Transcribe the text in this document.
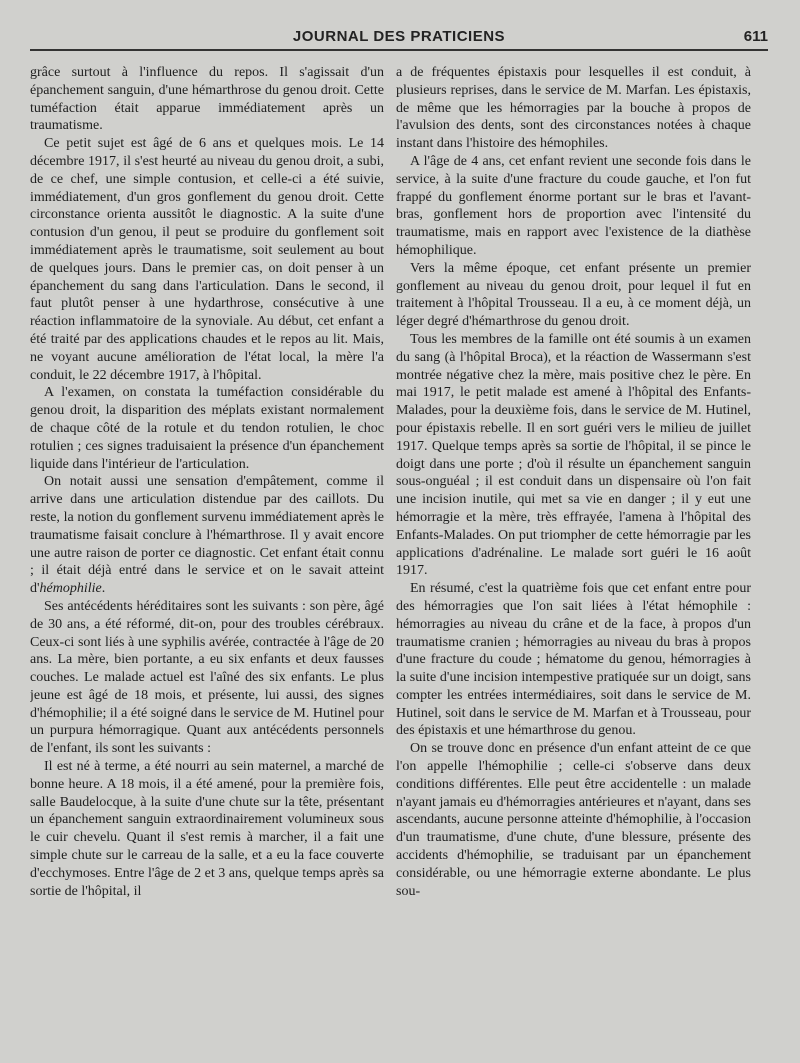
JOURNAL DES PRATICIENS	611

grâce surtout à l'influence du repos. Il s'agissait d'un épanchement sanguin, d'une hémarthrose du genou droit. Cette tuméfaction était apparue immédiatement après un traumatisme.

Ce petit sujet est âgé de 6 ans et quelques mois. Le 14 décembre 1917, il s'est heurté au niveau du genou droit, a subi, de ce chef, une simple contusion, et celle-ci a été suivie, immédiatement, d'un gros gonflement du genou droit. Cette circonstance orienta aussitôt le diagnostic. A la suite d'une contusion d'un genou, il peut se produire du gonflement soit immédiatement après le traumatisme, soit seulement au bout de quelques jours. Dans le premier cas, on doit penser à un épanchement du sang dans l'articulation. Dans le second, il faut plutôt penser à une hydarthrose, consécutive à une réaction inflammatoire de la synoviale. Au début, cet enfant a été traité par des applications chaudes et le repos au lit. Mais, ne voyant aucune amélioration de l'état local, la mère l'a conduit, le 22 décembre 1917, à l'hôpital.

A l'examen, on constata la tuméfaction considérable du genou droit, la disparition des méplats existant normalement de chaque côté de la rotule et du tendon rotulien, le choc rotulien ; ces signes traduisaient la présence d'un épanchement liquide dans l'intérieur de l'articulation.

On notait aussi une sensation d'empâtement, comme il arrive dans une articulation distendue par des caillots. Du reste, la notion du gonflement survenu immédiatement après le traumatisme faisait conclure à l'hémarthrose. Il y avait encore une autre raison de porter ce diagnostic. Cet enfant était connu ; il était déjà entré dans le service et on le savait atteint d'hémophilie.

Ses antécédents héréditaires sont les suivants : son père, âgé de 30 ans, a été réformé, dit-on, pour des troubles cérébraux. Ceux-ci sont liés à une syphilis avérée, contractée à l'âge de 20 ans. La mère, bien portante, a eu six enfants et deux fausses couches. Le malade actuel est l'aîné des six enfants. Le plus jeune est âgé de 18 mois, et présente, lui aussi, des signes d'hémophilie; il a été soigné dans le service de M. Hutinel pour un purpura hémorragique. Quant aux antécédents personnels de l'enfant, ils sont les suivants :

Il est né à terme, a été nourri au sein maternel, a marché de bonne heure. A 18 mois, il a été amené, pour la première fois, salle Baudelocque, à la suite d'une chute sur la tête, présentant un épanchement sanguin extraordinairement volumineux sous le cuir chevelu. Quant il s'est remis à marcher, il a fait une simple chute sur le carreau de la salle, et a eu la face couverte d'ecchymoses. Entre l'âge de 2 et 3 ans, quelque temps après sa sortie de l'hôpital, il

a de fréquentes épistaxis pour lesquelles il est conduit, à plusieurs reprises, dans le service de M. Marfan. Les épistaxis, de même que les hémorragies par la bouche à propos de l'avulsion des dents, sont des circonstances notées à chaque instant dans l'histoire des hémophiles.

A l'âge de 4 ans, cet enfant revient une seconde fois dans le service, à la suite d'une fracture du coude gauche, et l'on fut frappé du gonflement énorme portant sur le bras et l'avant-bras, gonflement hors de proportion avec l'intensité du traumatisme, mais en rapport avec l'existence de la diathèse hémophilique.

Vers la même époque, cet enfant présente un premier gonflement au niveau du genou droit, pour lequel il fut en traitement à l'hôpital Trousseau. Il a eu, à ce moment déjà, un léger degré d'hémarthrose du genou droit.

Tous les membres de la famille ont été soumis à un examen du sang (à l'hôpital Broca), et la réaction de Wassermann s'est montrée négative chez la mère, mais positive chez le père. En mai 1917, le petit malade est amené à l'hôpital des Enfants-Malades, pour la deuxième fois, dans le service de M. Hutinel, pour épistaxis rebelle. Il en sort guéri vers le milieu de juillet 1917. Quelque temps après sa sortie de l'hôpital, il se pince le doigt dans une porte ; d'où il résulte un épanchement sanguin sous-onguéal ; il est conduit dans un dispensaire où l'on fait une incision inutile, qui met sa vie en danger ; il y eut une hémorragie et la mère, très effrayée, l'amena à l'hôpital des Enfants-Malades. On put triompher de cette hémorragie par les applications d'adrénaline. Le malade sort guéri le 16 août 1917.

En résumé, c'est la quatrième fois que cet enfant entre pour des hémorragies que l'on sait liées à l'état hémophile : hémorragies au niveau du crâne et de la face, à propos d'un traumatisme cranien ; hémorragies au niveau du bras à propos d'une fracture du coude ; hématome du genou, hémorragies à la suite d'une incision intempestive pratiquée sur un doigt, sans compter les entrées intermédiaires, soit dans le service de M. Hutinel, soit dans le service de M. Marfan et à Trousseau, pour des épistaxis et une hémarthrose du genou.

On se trouve donc en présence d'un enfant atteint de ce que l'on appelle l'hémophilie ; celle-ci s'observe dans deux conditions différentes. Elle peut être accidentelle : un malade n'ayant jamais eu d'hémorragies antérieures et n'ayant, dans ses ascendants, aucune personne atteinte d'hémophilie, à l'occasion d'un traumatisme, d'une chute, d'une blessure, présente des accidents d'hémophilie, se traduisant par un épanchement considérable, ou une hémorragie externe abondante. Le plus sou-
